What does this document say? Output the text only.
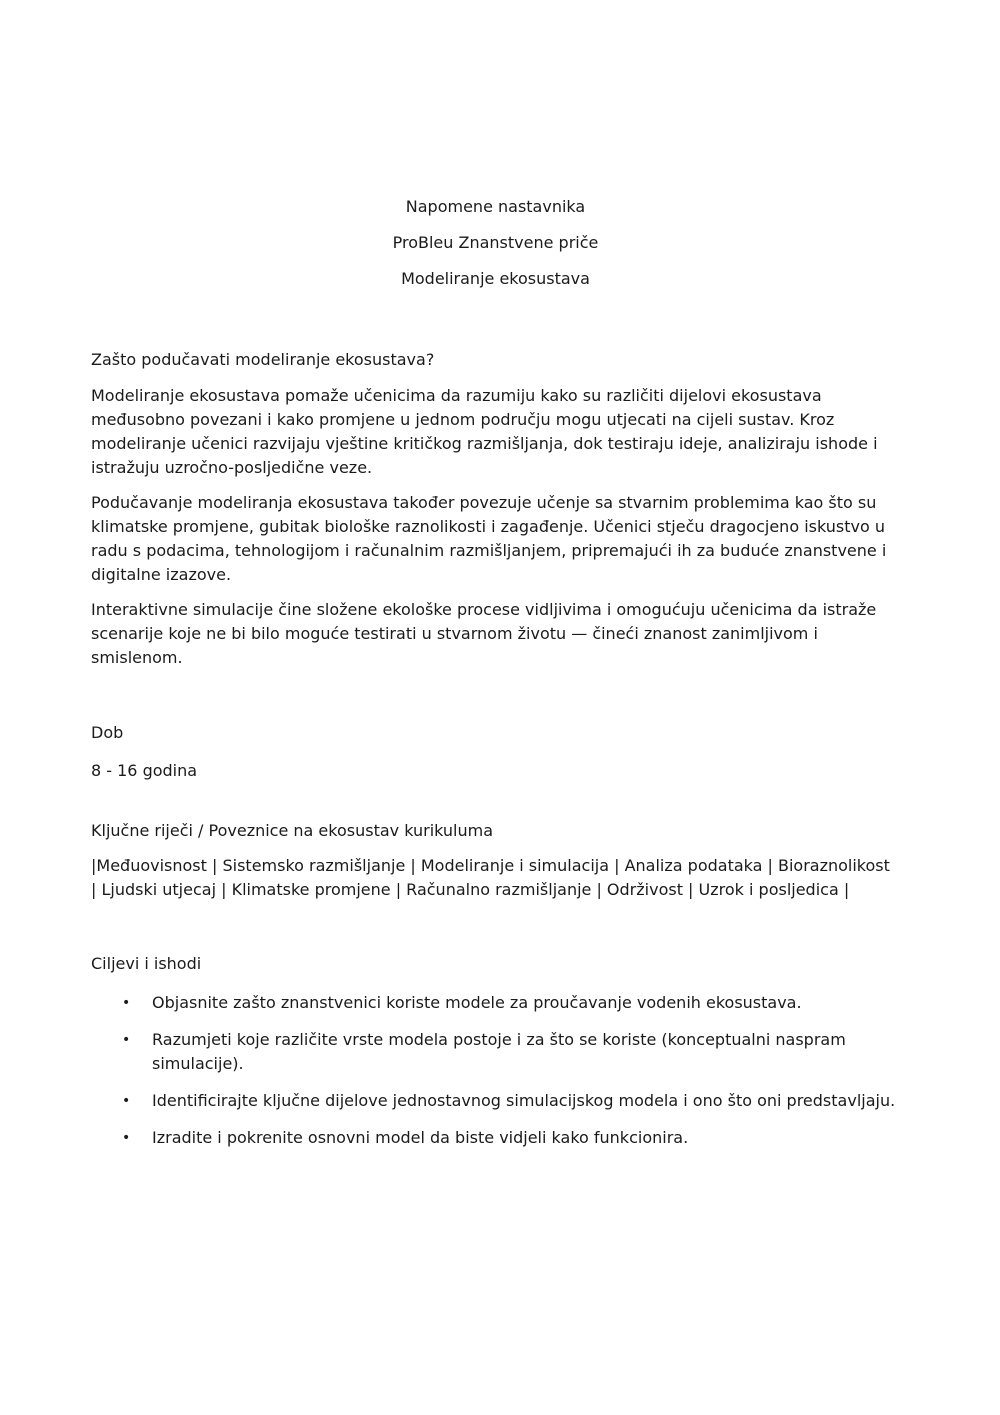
Napomene nastavnika

ProBleu Znanstvene priče

Modeliranje ekosustava

Zašto podučavati modeliranje ekosustava?

Modeliranje ekosustava pomaže učenicima da razumiju kako su različiti dijelovi ekosustava međusobno povezani i kako promjene u jednom području mogu utjecati na cijeli sustav. Kroz modeliranje učenici razvijaju vještine kritičkog razmišljanja, dok testiraju ideje, analiziraju ishode i istražuju uzročno-posljedične veze.

Podučavanje modeliranja ekosustava također povezuje učenje sa stvarnim problemima kao što su klimatske promjene, gubitak biološke raznolikosti i zagađenje. Učenici stječu dragocjeno iskustvo u radu s podacima, tehnologijom i računalnim razmišljanjem, pripremajući ih za buduće znanstvene i digitalne izazove.

Interaktivne simulacije čine složene ekološke procese vidljivima i omogućuju učenicima da istraže scenarije koje ne bi bilo moguće testirati u stvarnom životu — čineći znanost zanimljivom i smislenom.

Dob

8 - 16 godina

Ključne riječi / Poveznice na ekosustav kurikuluma

|Međuovisnost | Sistemsko razmišljanje | Modeliranje i simulacija | Analiza podataka | Bioraznolikost | Ljudski utjecaj | Klimatske promjene | Računalno razmišljanje | Održivost | Uzrok i posljedica |

Ciljevi i ishodi
• Objasnite zašto znanstvenici koriste modele za proučavanje vodenih ekosustava.
• Razumjeti koje različite vrste modela postoje i za što se koriste (konceptualni naspram simulacije).
• Identificirajte ključne dijelove jednostavnog simulacijskog modela i ono što oni predstavljaju.
• Izradite i pokrenite osnovni model da biste vidjeli kako funkcionira.
